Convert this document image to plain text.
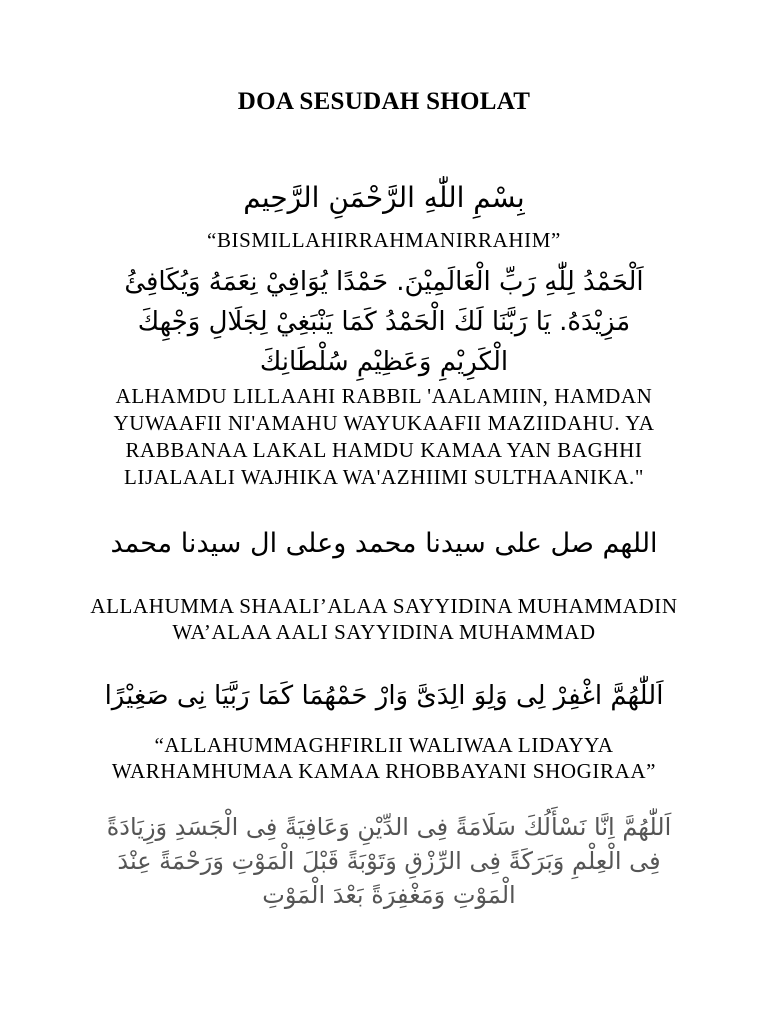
DOA SESUDAH SHOLAT
بِسْمِ اللّٰهِ الرَّحْمَنِ الرَّحِيم
“BISMILLAHIRRAHMANIRRAHIM”
اَلْحَمْدُ لِلّٰهِ رَبِّ الْعَالَمِيْنَ. حَمْدًا يُوَافِيْ نِعَمَهُ وَيُكَافِئُ مَزِيْدَهُ. يَا رَبَّنَا لَكَ الْحَمْدُ كَمَا يَنْبَغِيْ لِجَلَالِ وَجْهِكَ الْكَرِيْمِ وَعَظِيْمِ سُلْطَانِكَ
ALHAMDU LILLAAHI RABBIL 'AALAMIIN, HAMDAN YUWAAFII NI'AMAHU WAYUKAAFII MAZIIDAHU. YA RABBANAA LAKAL HAMDU KAMAA YAN BAGHHI LIJALAALI WAJHIKA WA'AZHIIMI SULTHAANIKA."
اللهم صل على سيدنا محمد وعلى ال سيدنا محمد
ALLAHUMMA SHAALI’ALAA SAYYIDINA MUHAMMADIN WA’ALAA AALI SAYYIDINA MUHAMMAD
اَللّٰهُمَّ اغْفِرْ لِى وَلِوَ الِدَىَّ وَارْ حَمْهُمَا كَمَا رَبَّيَا نِى صَغِيْرًا
“ALLAHUMMAGHFIRLII WALIWAA LIDAYYA WARHAMHUMAA KAMAA RHOBBAYANI SHOGIRAA”
اَللّٰهُمَّ اِنَّا نَسْأَلُكَ سَلَامَةً فِى الدِّيْنِ وَعَافِيَةً فِى الْجَسَدِ وَزِيَادَةً فِى الْعِلْمِ وَبَرَكَةً فِى الرِّزْقِ وَتَوْبَةً قَبْلَ الْمَوْتِ وَرَحْمَةً عِنْدَ الْمَوْتِ وَمَغْفِرَةً بَعْدَ الْمَوْتِ
